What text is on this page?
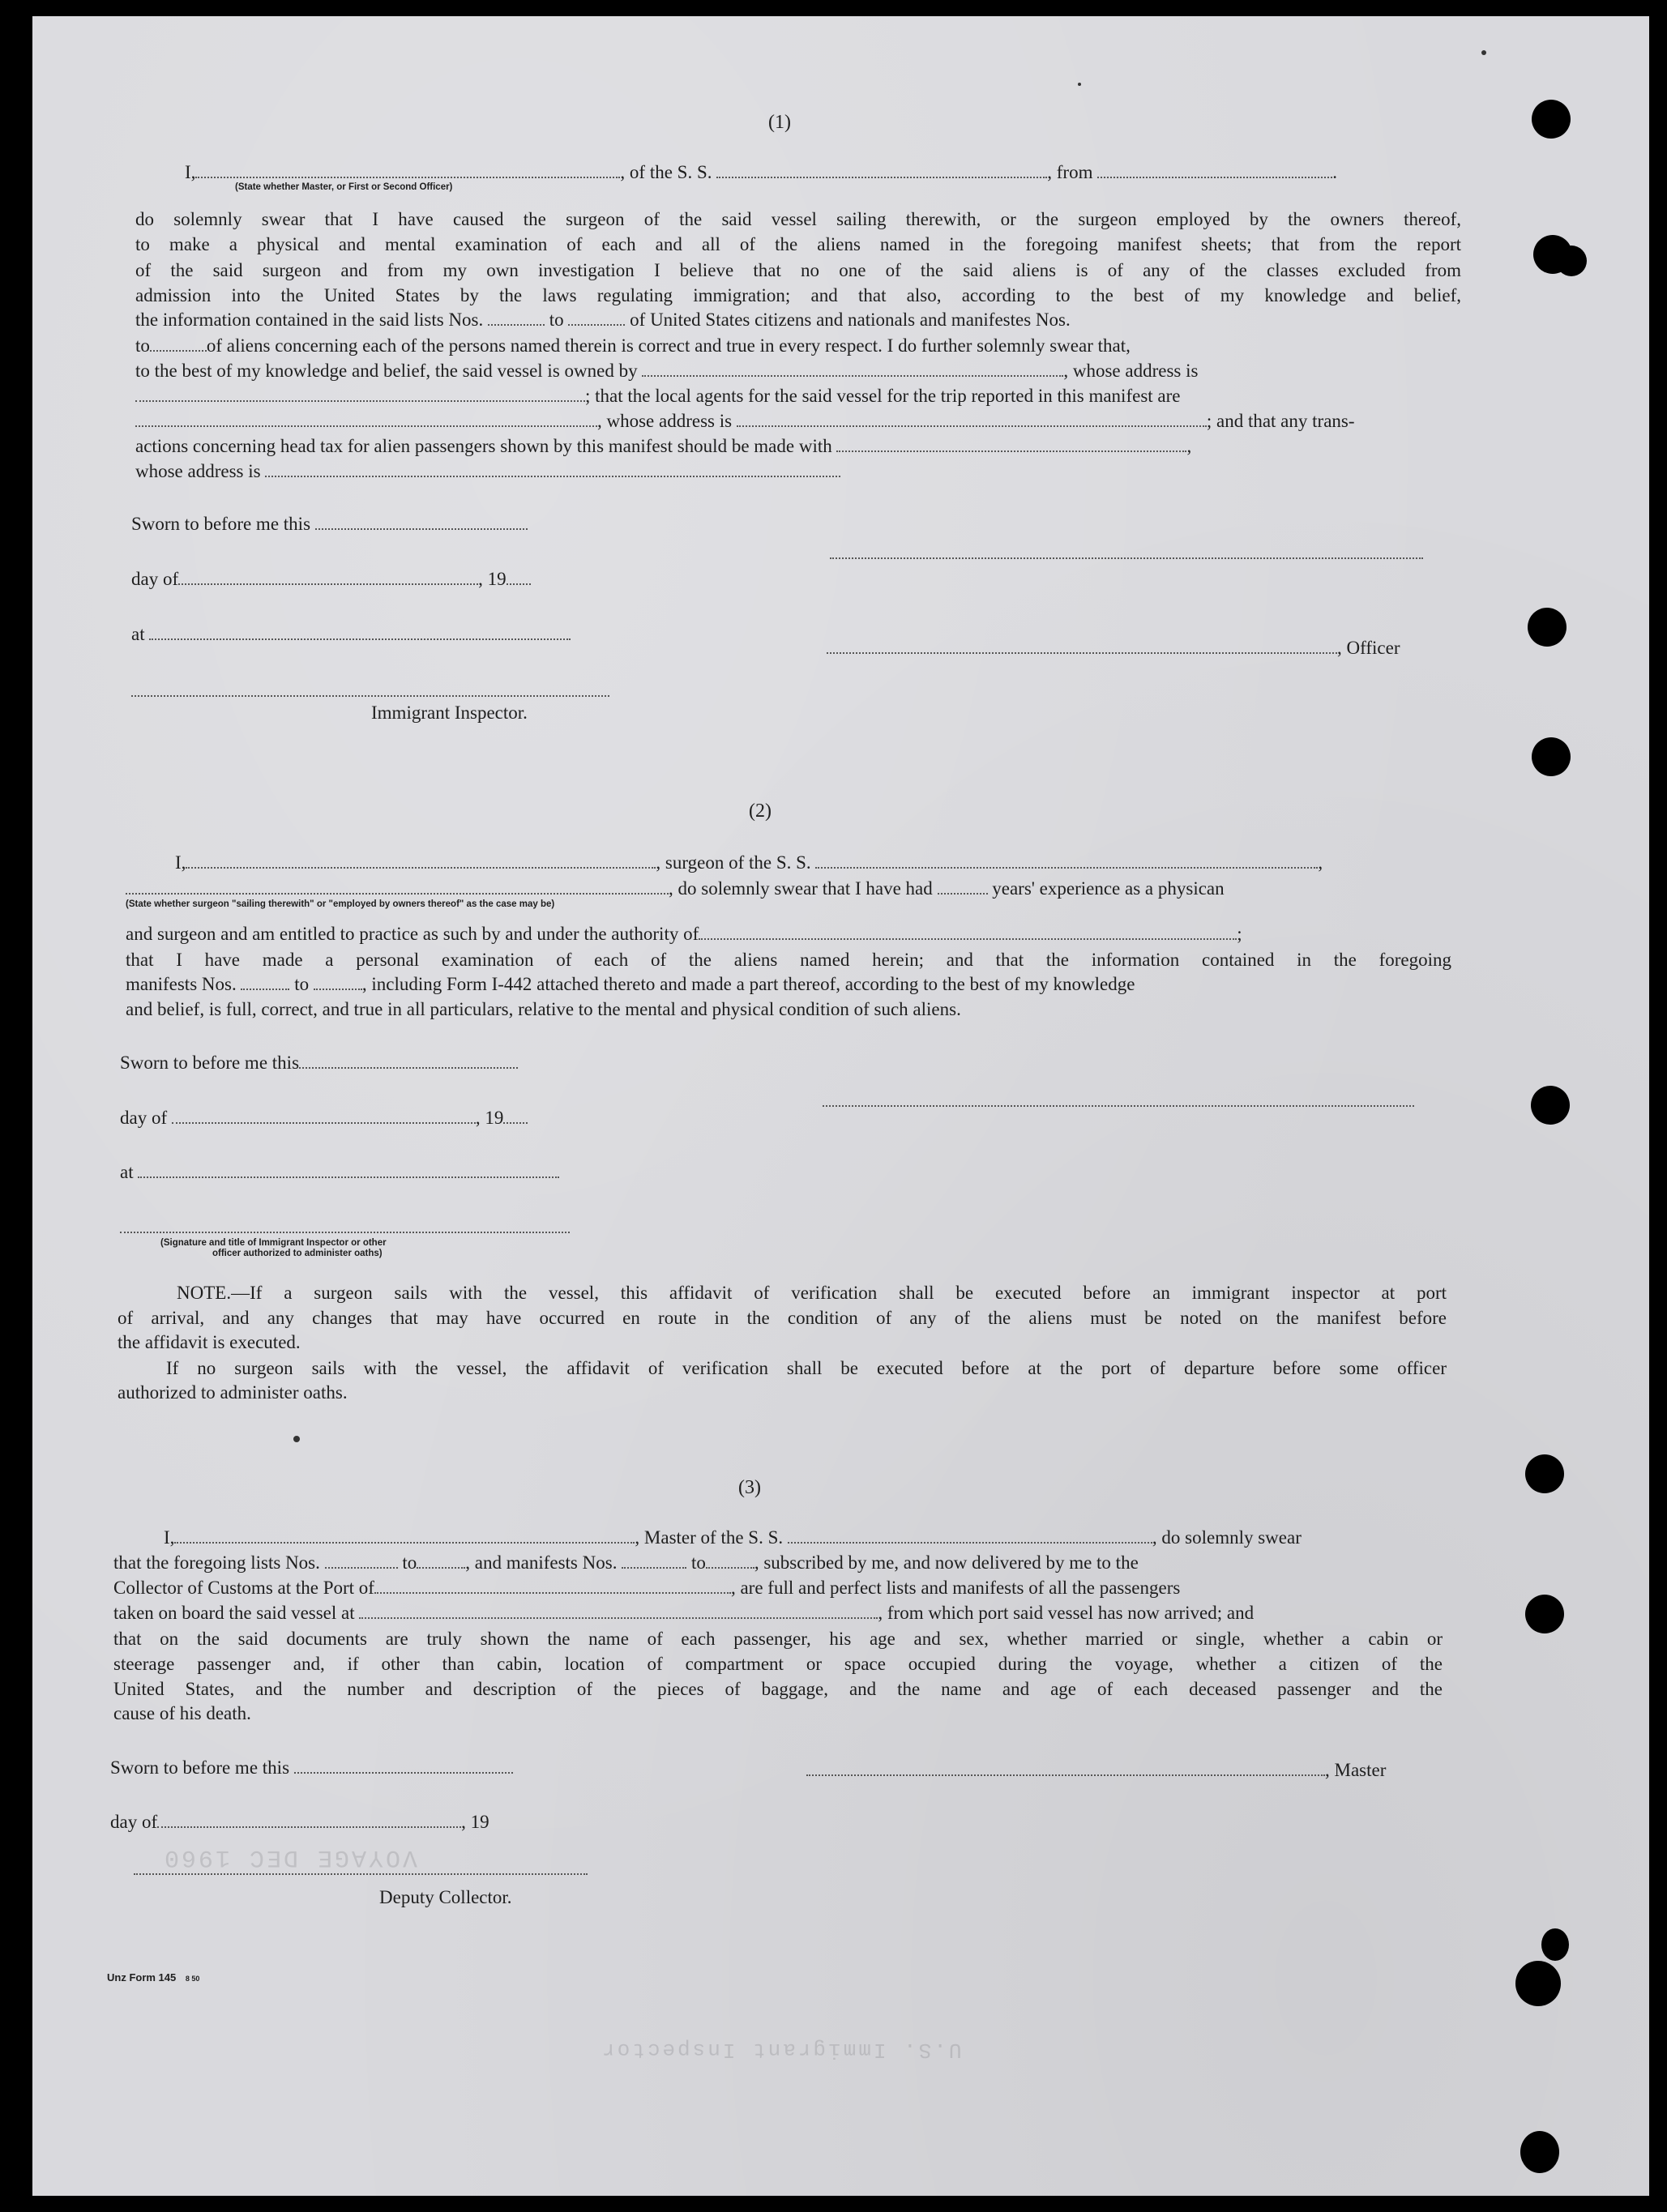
(1)
I,	, of the S. S.	, from	.
(State whether Master, or First or Second Officer)
do solemnly swear that I have caused the surgeon of the said vessel sailing therewith, or the surgeon employed by the owners thereof,
to make a physical and mental examination of each and all of the aliens named in the foregoing manifest sheets; that from the report
of the said surgeon and from my own investigation I believe that no one of the said aliens is of any of the classes excluded from
admission into the United States by the laws regulating immigration; and that also, according to the best of my knowledge and belief,
the information contained in the said lists Nos.	to	of United States citizens and nationals and manifestes Nos.
to	of aliens concerning each of the persons named therein is correct and true in every respect. I do further solemnly swear that,
to the best of my knowledge and belief, the said vessel is owned by	, whose address is
; that the local agents for the said vessel for the trip reported in this manifest are
, whose address is	; and that any trans-
actions concerning head tax for alien passengers shown by this manifest should be made with	,
whose address is
Sworn to before me this
day of	, 19
at
, Officer
Immigrant Inspector.
(2)
I,	, surgeon of the S. S.	,
, do solemnly swear that I have had	years' experience as a physican
(State whether surgeon "sailing therewith" or "employed by owners thereof" as the case may be)
and surgeon and am entitled to practice as such by and under the authority of	;
that I have made a personal examination of each of the aliens named herein; and that the information contained in the foregoing
manifests Nos.	to	, including Form I-442 attached thereto and made a part thereof, according to the best of my knowledge
and belief, is full, correct, and true in all particulars, relative to the mental and physical condition of such aliens.
Sworn to before me this
day of	, 19
at
(Signature and title of Immigrant Inspector or other
officer authorized to administer oaths)
NOTE.—If a surgeon sails with the vessel, this affidavit of verification shall be executed before an immigrant inspector at port
of arrival, and any changes that may have occurred en route in the condition of any of the aliens must be noted on the manifest before
the affidavit is executed.
If no surgeon sails with the vessel, the affidavit of verification shall be executed before at the port of departure before some officer
authorized to administer oaths.
(3)
I,	, Master of the S. S.	, do solemnly swear
that the foregoing lists Nos.	to	, and manifests Nos.	to	, subscribed by me, and now delivered by me to the
Collector of Customs at the Port of	, are full and perfect lists and manifests of all the passengers
taken on board the said vessel at	, from which port said vessel has now arrived; and
that on the said documents are truly shown the name of each passenger, his age and sex, whether married or single, whether a cabin or
steerage passenger and, if other than cabin, location of compartment or space occupied during the voyage, whether a citizen of the
United States, and the number and description of the pieces of baggage, and the name and age of each deceased passenger and the
cause of his death.
Sworn to before me this	, Master
day of	, 19
Deputy Collector.
Unz Form 145 8 50
U.S. Immigrant Inspector
VOYAGE DEC 1960
